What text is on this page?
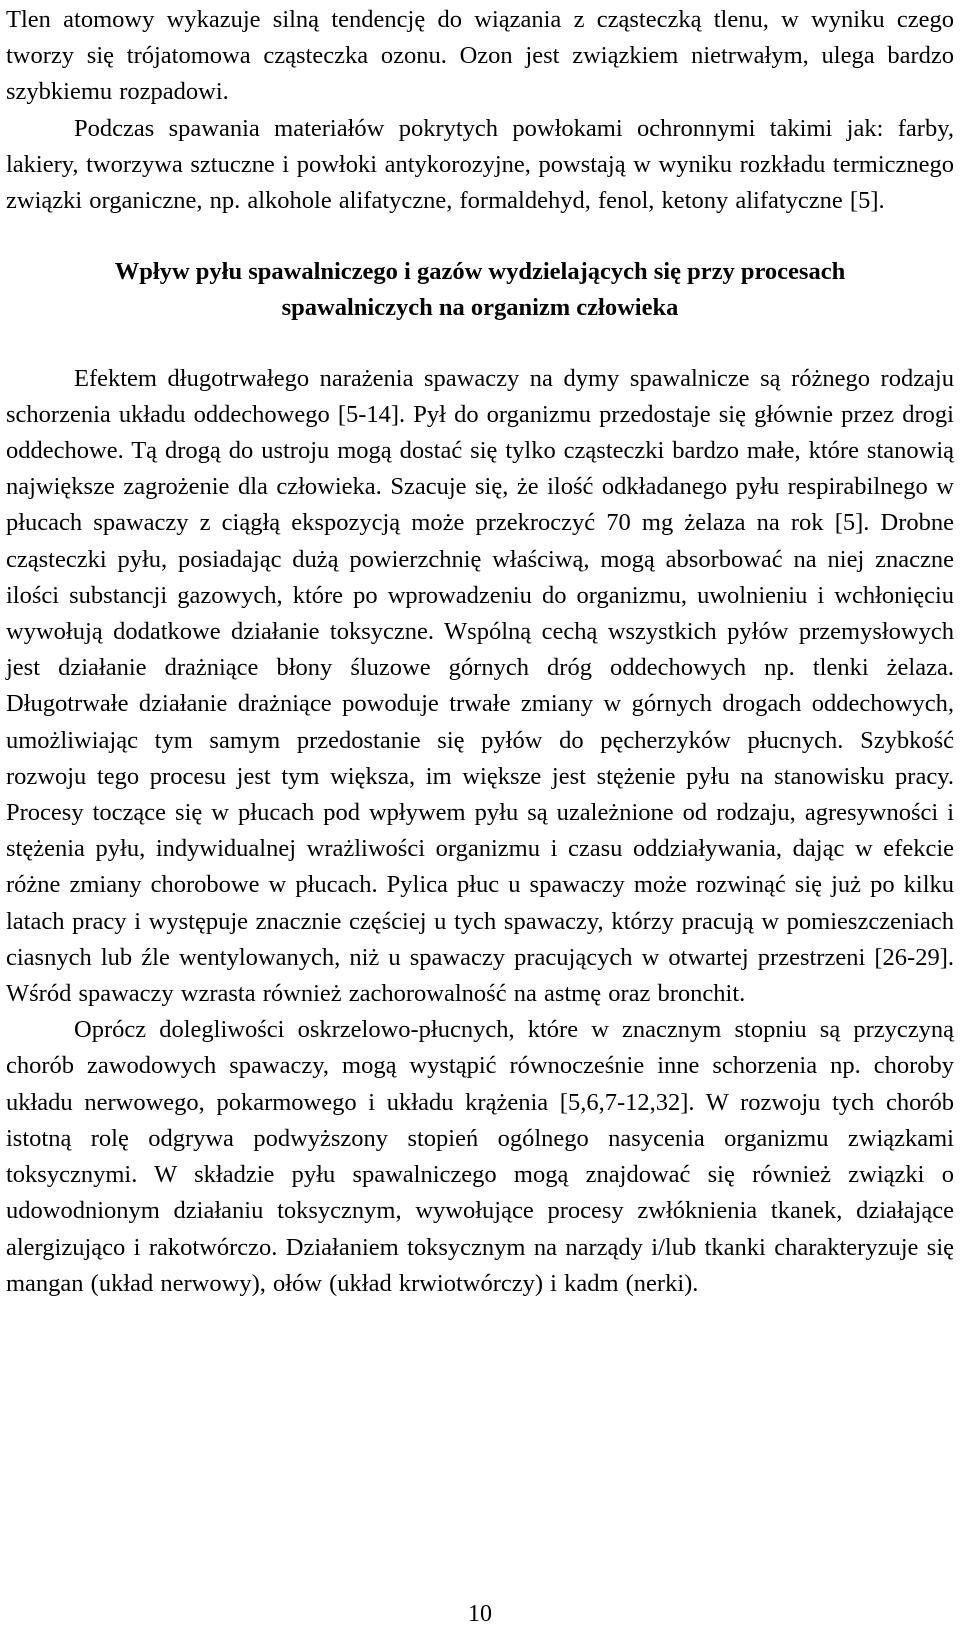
Tlen atomowy wykazuje silną tendencję do wiązania z cząsteczką tlenu, w wyniku czego tworzy się trójatomowa cząsteczka ozonu. Ozon jest związkiem nietrwałym, ulega bardzo szybkiemu rozpadowi.

Podczas spawania materiałów pokrytych powłokami ochronnymi takimi jak: farby, lakiery, tworzywa sztuczne i powłoki antykorozyjne, powstają w wyniku rozkładu termicznego związki organiczne, np. alkohole alifatyczne, formaldehyd, fenol, ketony alifatyczne [5].

Wpływ pyłu spawalniczego i gazów wydzielających się przy procesach
spawalniczych na organizm człowieka

Efektem długotrwałego narażenia spawaczy na dymy spawalnicze są różnego rodzaju schorzenia układu oddechowego [5-14]. Pył do organizmu przedostaje się głównie przez drogi oddechowe. Tą drogą do ustroju mogą dostać się tylko cząsteczki bardzo małe, które stanowią największe zagrożenie dla człowieka. Szacuje się, że ilość odkładanego pyłu respirabilnego w płucach spawaczy z ciągłą ekspozycją może przekroczyć 70 mg żelaza na rok [5]. Drobne cząsteczki pyłu, posiadając dużą powierzchnię właściwą, mogą absorbować na niej znaczne ilości substancji gazowych, które po wprowadzeniu do organizmu, uwolnieniu i wchłonięciu wywołują dodatkowe działanie toksyczne. Wspólną cechą wszystkich pyłów przemysłowych jest działanie drażniące błony śluzowe górnych dróg oddechowych np. tlenki żelaza. Długotrwałe działanie drażniące powoduje trwałe zmiany w górnych drogach oddechowych, umożliwiając tym samym przedostanie się pyłów do pęcherzyków płucnych. Szybkość rozwoju tego procesu jest tym większa, im większe jest stężenie pyłu na stanowisku pracy. Procesy toczące się w płucach pod wpływem pyłu są uzależnione od rodzaju, agresywności i stężenia pyłu, indywidualnej wrażliwości organizmu i czasu oddziaływania, dając w efekcie różne zmiany chorobowe w płucach. Pylica płuc u spawaczy może rozwinąć się już po kilku latach pracy i występuje znacznie częściej u tych spawaczy, którzy pracują w pomieszczeniach ciasnych lub źle wentylowanych, niż u spawaczy pracujących w otwartej przestrzeni [26-29]. Wśród spawaczy wzrasta również zachorowalność na astmę oraz bronchit.

Oprócz dolegliwości oskrzelowo-płucnych, które w znacznym stopniu są przyczyną chorób zawodowych spawaczy, mogą wystąpić równocześnie inne schorzenia np. choroby układu nerwowego, pokarmowego i układu krążenia [5,6,7-12,32]. W rozwoju tych chorób istotną rolę odgrywa podwyższony stopień ogólnego nasycenia organizmu związkami toksycznymi. W składzie pyłu spawalniczego mogą znajdować się również związki o udowodnionym działaniu toksycznym, wywołujące procesy zwłóknienia tkanek, działające alergizująco i rakotwórczo. Działaniem toksycznym na narządy i/lub tkanki charakteryzuje się mangan (układ nerwowy), ołów (układ krwiotwórczy) i kadm (nerki).

10
